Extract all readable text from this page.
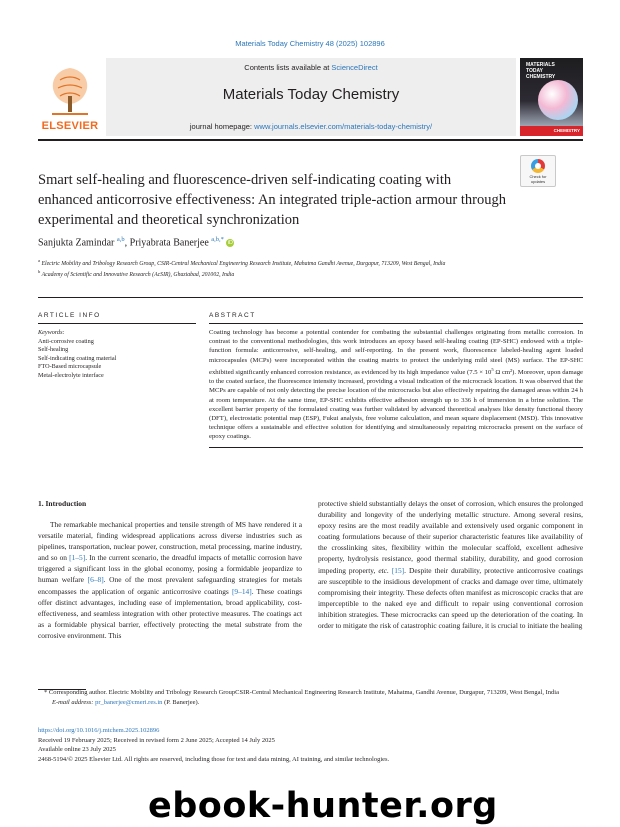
Materials Today Chemistry 48 (2025) 102896
ELSEVIER
Contents lists available at ScienceDirect
Materials Today Chemistry
journal homepage: www.journals.elsevier.com/materials-today-chemistry/
MATERIALS
TODAY
CHEMISTRY
CHEMISTRY
Smart self-healing and fluorescence-driven self-indicating coating with enhanced anticorrosive effectiveness: An integrated triple-action armour through experimental and theoretical synchronization
Check for
updates
Sanjukta Zamindar $^{a,b}$, Priyabrata Banerjee $^{a,b,*}$ iD
$^a$ Electric Mobility and Tribology Research Group, CSIR-Central Mechanical Engineering Research Institute, Mahatma Gandhi Avenue, Durgapur, 713209, West Bengal, India
$^b$ Academy of Scientific and Innovative Research (AcSIR), Ghaziabad, 201002, India
ARTICLE INFO	ABSTRACT
Keywords:
Anti-corrosive coating
Self-healing
Self-indicating coating material
FTO-Based microcapsule
Metal-electrolyte interface
Coating technology has become a potential contender for combating the substantial challenges originating from metallic corrosion. In contrast to the conventional methodologies, this work introduces an epoxy based self-healing coating (EP-SHC) endowed with a triple-function formula: anticorrosive, self-healing, and self-reporting. In the present work, fluorescence labeled-healing agent loaded microcapsules (MCPs) were incorporated within the coating matrix to protect the underlying mild steel (MS) surface. The EP-SHC exhibited significantly enhanced corrosion resistance, as evidenced by its high impedance value ($7.5 \times 10^5$ Ω cm²). Moreover, upon damage to the coated surface, the fluorescence intensity increased, providing a visual indication of the microcrack location. It was observed that the MCPs are capable of not only detecting the precise location of the microcracks but also effectively repairing the damaged areas within 24 h at room temperature. At the same time, EP-SHC exhibits effective adhesion strength up to 336 h of immersion in a brine solution. The excellent barrier property of the formulated coating was further validated by advanced theoretical analyses like density functional theory (DFT), electrostatic potential map (ESP), Fukui analysis, free volume calculation, and mean square displacement (MSD). This innovative technique offers a sustainable and effective solution for identifying and simultaneously repairing microcracks present on the surface of epoxy coatings.
1. Introduction
The remarkable mechanical properties and tensile strength of MS have rendered it a versatile material, finding widespread applications across diverse industries such as pipelines, transportation, nuclear power, construction, metal processing, marine industry, and so on [1–5]. In the current scenario, the dreadful impacts of metallic corrosion have triggered a significant loss in the global economy, posing a formidable jeopardize to human welfare [6–8]. One of the most prevalent safeguarding strategies for metals encompasses the application of organic anticorrosive coatings [9–14]. These coatings offer distinct advantages, including ease of implementation, broad applicability, cost-effectiveness, and seamless integration with other protective measures. The coatings act as a formidable physical barrier, effectively protecting the metal substrate from the corrosive environment. This
protective shield substantially delays the onset of corrosion, which ensures the prolonged durability and longevity of the underlying metallic structure. Among several resins, epoxy resins are the most readily available and extensively used organic component in coating formulations because of their superior characteristic features like availability of the crosslinking sites, flexibility within the molecular scaffold, excellent adhesive property, hydrolysis resistance, good thermal stability, durability, and good corrosion impeding property, etc. [15]. Despite their durability, protective anticorrosive coatings are susceptible to the insidious development of cracks and damage over time, ultimately compromising their integrity. These defects often manifest as microscopic cracks that are imperceptible to the naked eye and difficult to repair using conventional corrosion inhibition strategies. These microcracks can speed up the deterioration of the coating. In order to mitigate the risk of catastrophic coating failure, it is crucial to initiate the healing
* Corresponding author. Electric Mobility and Tribology Research GroupCSIR-Central Mechanical Engineering Research Institute, Mahatma, Gandhi Avenue, Durgapur, 713209, West Bengal, India
E-mail address: pr_banerjee@cmeri.res.in (P. Banerjee).
https://doi.org/10.1016/j.mtchem.2025.102896
Received 19 February 2025; Received in revised form 2 June 2025; Accepted 14 July 2025
Available online 23 July 2025
2468-5194/© 2025 Elsevier Ltd. All rights are reserved, including those for text and data mining, AI training, and similar technologies.
ebook-hunter.org
